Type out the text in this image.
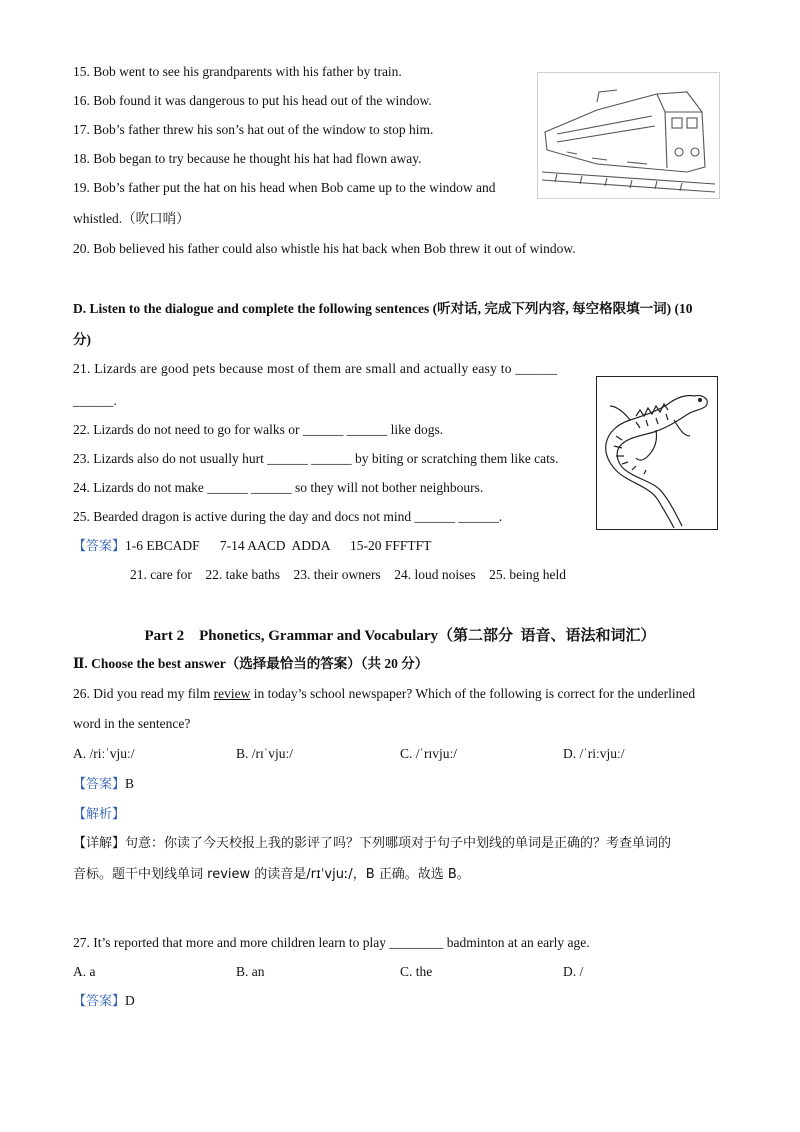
15. Bob went to see his grandparents with his father by train.
16. Bob found it was dangerous to put his head out of the window.
17. Bob’s father threw his son’s hat out of the window to stop him.
18. Bob began to try because he thought his hat had flown away.
19. Bob’s father put the hat on his head when Bob came up to the window and
whistled.（吹口哨）
20. Bob believed his father could also whistle his hat back when Bob threw it out of window.
D. Listen to the dialogue and complete the following sentences (听对话, 完成下列内容, 每空格限填一词) (10
分)
21. Lizards are good pets because most of them are small and actually easy to ______
______.
22. Lizards do not need to go for walks or ______ ______ like dogs.
23. Lizards also do not usually hurt ______ ______ by biting or scratching them like cats.
24. Lizards do not make ______ ______ so they will not bother neighbours.
25. Bearded dragon is active during the day and docs not mind ______ ______.
【答案】1-6 EBCADF      7-14 AACD  ADDA      15-20 FFFTFT
21. care for    22. take baths    23. their owners    24. loud noises    25. being held
Part 2    Phonetics, Grammar and Vocabulary（第二部分  语音、语法和词汇）
Ⅱ. Choose the best answer（选择最恰当的答案）（共 20 分）
26. Did you read my film review in today’s school newspaper? Which of the following is correct for the underlined
word in the sentence?
A. /riːˈvjuː/	B. /rɪˈvjuː/	C. /ˈrɪvjuː/	D. /ˈriːvjuː/
【答案】B
【解析】
【详解】句意：你读了今天校报上我的影评了吗？下列哪项对于句子中划线的单词是正确的？考查单词的
音标。题干中划线单词 review 的读音是/rɪˈvjuː/，B 正确。故选 B。
27. It’s reported that more and more children learn to play ________ badminton at an early age.
A. a	B. an	C. the	D. /
【答案】D
